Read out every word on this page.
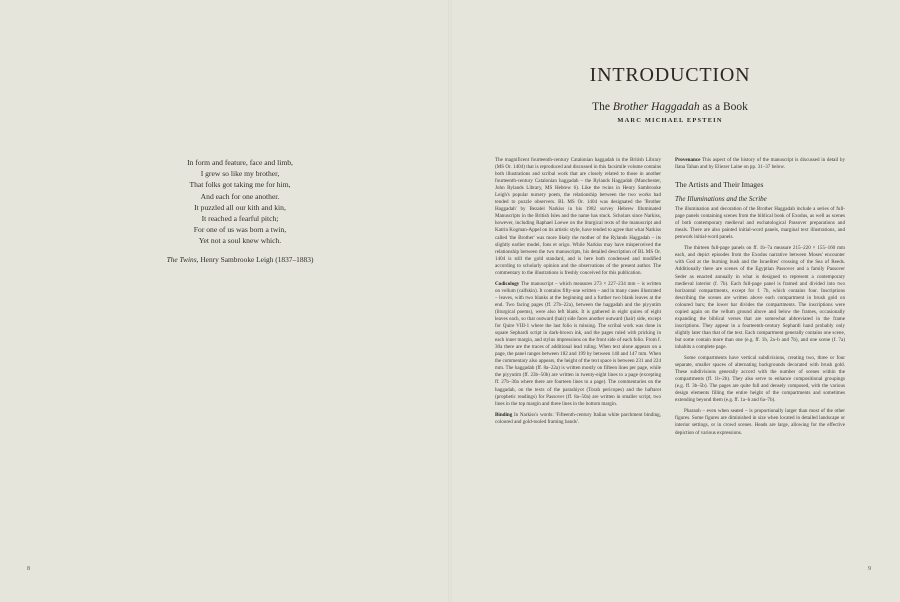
In form and feature, face and limb,
I grew so like my brother,
That folks got taking me for him,
And each for one another.
It puzzled all our kith and kin,
It reached a fearful pitch;
For one of us was born a twin,
Yet not a soul knew which.
The Twins, Henry Sambrooke Leigh (1837–1883)
8
INTRODUCTION
The Brother Haggadah as a Book
MARC MICHAEL EPSTEIN

The magnificent fourteenth-century Catalonian haggadah in the British Library (MS Or. 1404) that is reproduced and discussed in this facsimile volume contains both illustrations and scribal work that are closely related to those in another fourteenth-century Catalonian haggadah – the Rylands Haggadah (Manchester, John Rylands Library, MS Hebrew 6). Like the twins in Henry Sambrooke Leigh's popular nursery poem, the relationship between the two works had tended to puzzle observers. BL MS Or. 1404 was designated the 'Brother Haggadah' by Bezalel Narkiss in his 1982 survey Hebrew Illuminated Manuscripts in the British Isles and the name has stuck. Scholars since Narkiss, however, including Raphael Loewe on the liturgical texts of the manuscript and Katrin Kogman-Appel on its artistic style, have tended to agree that what Narkiss called 'the Brother' was more likely the mother of the Rylands Haggadah – its slightly earlier model, fons et origo. While Narkiss may have misperceived the relationship between the two manuscripts, his detailed description of BL MS Or. 1404 is still the gold standard, and is here both condensed and modified according to scholarly opinion and the observations of the present author. The commentary to the illustrations is freshly conceived for this publication.

Codicology The manuscript – which measures 273 × 227–234 mm – is written on vellum (calfskin). It contains fifty-one written – and in many cases illustrated – leaves, with two blanks at the beginning and a further two blank leaves at the end. Two facing pages (ff. 27b–22a), between the haggadah and the piyyutim (liturgical poems), were also left blank. It is gathered in eight quires of eight leaves each, so that outward (hair) side faces another outward (hair) side, except for Quire VIII-1 where the last folio is missing. The scribal work was done in square Sephardi script in dark-brown ink, and the pages ruled with pricking in each inner margin, and stylus impressions on the front side of each folio. From f. 30a there are the traces of additional lead ruling. When text alone appears on a page, the panel ranges between 182 and 199 by between 140 and 147 mm. When the commentary also appears, the height of the text space is between 231 and 224 mm. The haggadah (ff. 8a–22a) is written mostly on fifteen lines per page, while the piyyutim (ff. 23b–50b) are written in twenty-eight lines to a page (excepting ff. 27b–30a where there are fourteen lines to a page). The commentaries on the haggadah, on the texts of the parashiyot (Torah pericopes) and the haftarot (prophetic readings) for Passover (ff. 8a–50a) are written in smaller script, two lines in the top margin and three lines in the bottom margin.

Binding In Narkiss's words: 'Fifteenth-century Italian white parchment binding, coloured and gold-tooled framing bands'.

Provenance This aspect of the history of the manuscript is discussed in detail by Ilana Tahan and by Eliezer Laine on pp. 31–37 below.

The Artists and Their Images
The Illuminations and the Scribe

The illumination and decoration of the Brother Haggadah include a series of full-page panels containing scenes from the biblical book of Exodus, as well as scenes of both contemporary medieval and eschatological Passover preparations and meals. There are also painted initial-word panels, marginal text illustrations, and penwork initial-word panels.

The thirteen full-page panels on ff. 1b–7a measure 215–220 × 155–160 mm each, and depict episodes from the Exodus narrative between Moses' encounter with God at the burning bush and the Israelites' crossing of the Sea of Reeds. Additionally there are scenes of the Egyptian Passover and a family Passover Seder as enacted annually in what is designed to represent a contemporary medieval interior (f. 7b). Each full-page panel is framed and divided into two horizontal compartments, except for f. 7b, which contains four. Inscriptions describing the scenes are written above each compartment in brush gold on coloured bars; the lower bar divides the compartments. The inscriptions were copied again on the vellum ground above and below the frames, occasionally expanding the biblical verses that are somewhat abbreviated in the frame inscriptions. They appear in a fourteenth-century Sephardi hand probably only slightly later than that of the text. Each compartment generally contains one scene, but some contain more than one (e.g. ff. 1b, 2a–b and 7b), and one scene (f. 7a) inhabits a complete page.

Some compartments have vertical subdivisions, creating two, three or four separate, smaller spaces of alternating backgrounds decorated with brush gold. These subdivisions generally accord with the number of scenes within the compartments (ff. 1b–2b). They also serve to enhance compositional groupings (e.g. ff. 3b–5b). The pages are quite full and densely composed, with the various design elements filling the entire height of the compartments and sometimes extending beyond them (e.g. ff. 1a–b and 6a–7b).

Pharaoh – even when seated – is proportionally larger than most of the other figures. Some figures are diminished in size when located in detailed landscape or interior settings, or in crowd scenes. Heads are large, allowing for the effective depiction of various expressions.

9
